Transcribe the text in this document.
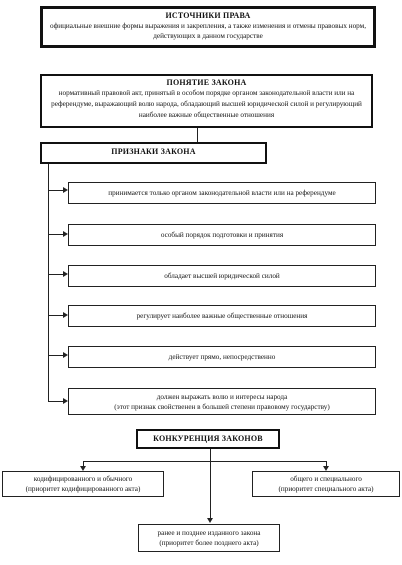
ИСТОЧНИКИ ПРАВА
официальные внешние формы выражения и закрепления, а также изменения и отмены правовых норм, действующих в данном государстве
ПОНЯТИЕ ЗАКОНА
нормативный правовой акт, принятый в особом порядке органом законодательной власти или на референдуме, выражающий волю народа, обладающий высшей юридической силой и регулирующий наиболее важные общественные отношения
ПРИЗНАКИ ЗАКОНА
принимается только органом законодательной власти или на референдуме
особый порядок подготовки и принятия
обладает высшей юридической силой
регулирует наиболее важные общественные отношения
действует прямо, непосредственно
должен выражать волю и интересы народа
(этот признак свойственен в большей степени правовому государству)
КОНКУРЕНЦИЯ ЗАКОНОВ
кодифицированного и обычного
(приоритет кодифицированного акта)
общего и специального
(приоритет специального акта)
ранее и позднее изданного закона
(приоритет более позднего акта)
